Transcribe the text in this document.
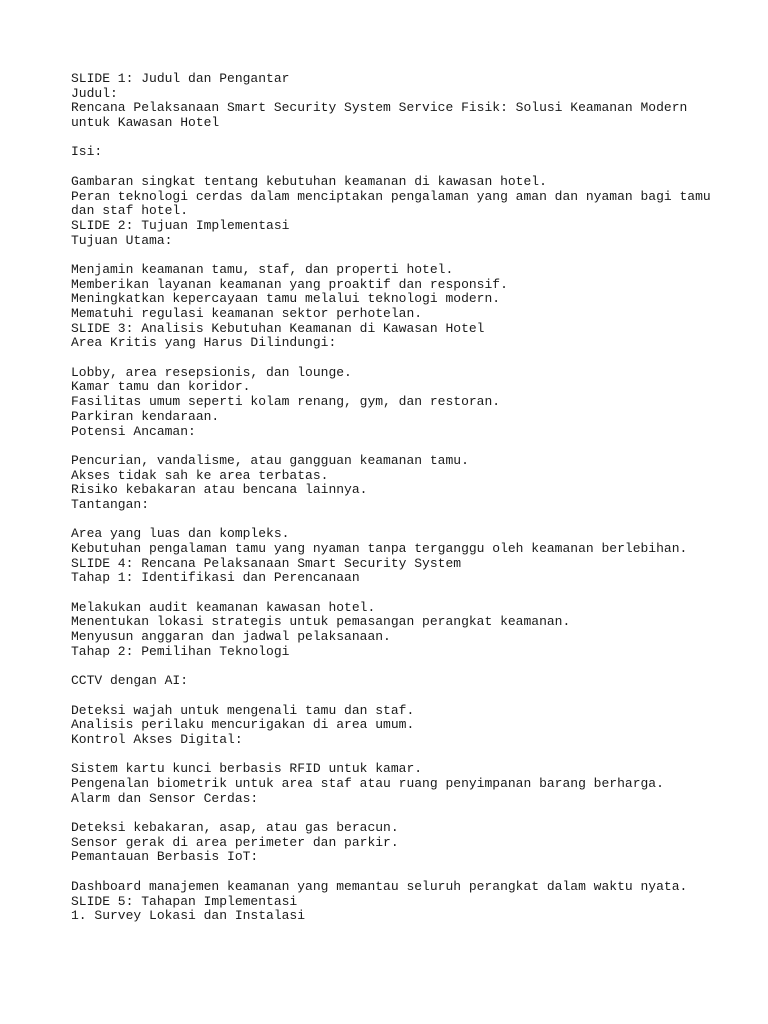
SLIDE 1: Judul dan Pengantar
Judul:
Rencana Pelaksanaan Smart Security System Service Fisik: Solusi Keamanan Modern
untuk Kawasan Hotel
Isi:
Gambaran singkat tentang kebutuhan keamanan di kawasan hotel.
Peran teknologi cerdas dalam menciptakan pengalaman yang aman dan nyaman bagi tamu
dan staf hotel.
SLIDE 2: Tujuan Implementasi
Tujuan Utama:
Menjamin keamanan tamu, staf, dan properti hotel.
Memberikan layanan keamanan yang proaktif dan responsif.
Meningkatkan kepercayaan tamu melalui teknologi modern.
Mematuhi regulasi keamanan sektor perhotelan.
SLIDE 3: Analisis Kebutuhan Keamanan di Kawasan Hotel
Area Kritis yang Harus Dilindungi:
Lobby, area resepsionis, dan lounge.
Kamar tamu dan koridor.
Fasilitas umum seperti kolam renang, gym, dan restoran.
Parkiran kendaraan.
Potensi Ancaman:
Pencurian, vandalisme, atau gangguan keamanan tamu.
Akses tidak sah ke area terbatas.
Risiko kebakaran atau bencana lainnya.
Tantangan:
Area yang luas dan kompleks.
Kebutuhan pengalaman tamu yang nyaman tanpa terganggu oleh keamanan berlebihan.
SLIDE 4: Rencana Pelaksanaan Smart Security System
Tahap 1: Identifikasi dan Perencanaan
Melakukan audit keamanan kawasan hotel.
Menentukan lokasi strategis untuk pemasangan perangkat keamanan.
Menyusun anggaran dan jadwal pelaksanaan.
Tahap 2: Pemilihan Teknologi
CCTV dengan AI:
Deteksi wajah untuk mengenali tamu dan staf.
Analisis perilaku mencurigakan di area umum.
Kontrol Akses Digital:
Sistem kartu kunci berbasis RFID untuk kamar.
Pengenalan biometrik untuk area staf atau ruang penyimpanan barang berharga.
Alarm dan Sensor Cerdas:
Deteksi kebakaran, asap, atau gas beracun.
Sensor gerak di area perimeter dan parkir.
Pemantauan Berbasis IoT:
Dashboard manajemen keamanan yang memantau seluruh perangkat dalam waktu nyata.
SLIDE 5: Tahapan Implementasi
1. Survey Lokasi dan Instalasi
